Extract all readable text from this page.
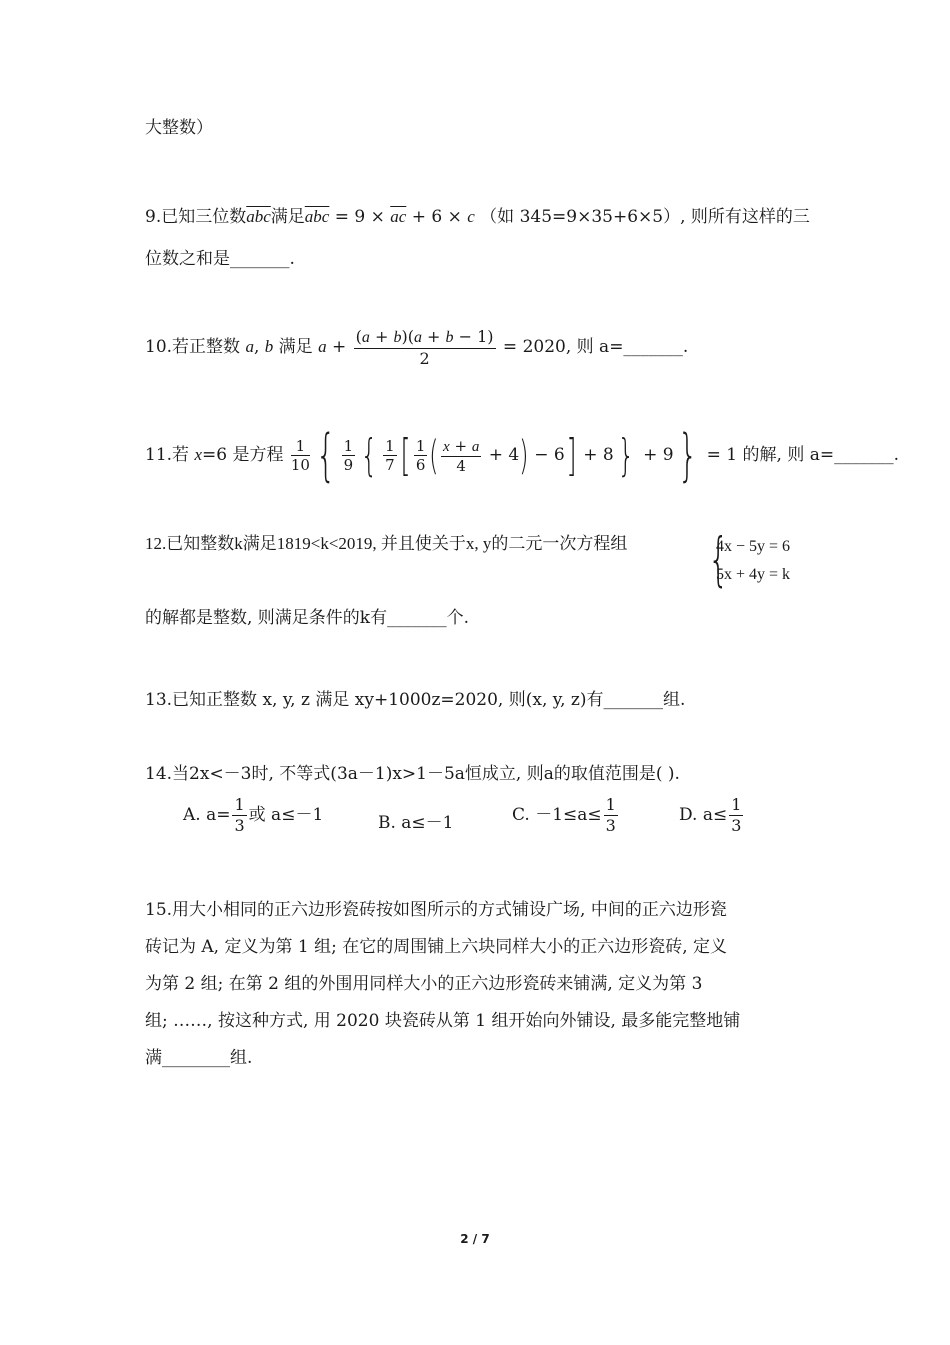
大整数）
9.已知三位数$\overline{abc}$满足$\overline{abc} = 9 \times \overline{ac} + 6 \times c$ （如 345=9×35+6×5）, 则所有这样的三
位数之和是_______.
10.若正整数 a, b 满足 $a + \frac{(a + b)(a + b - 1)}{2} = 2020$, 则 a=_______.
11.若 x=6 是方程 $\frac{1}{10}$ { $\frac{1}{9}$ { $\frac{1}{7}$ [ $\frac{1}{6}$ ( $\frac{x + a}{4} + 4) - 6] + 8\} + 9\} = 1$ 的解, 则 a=_______.
12.已知整数k满足1819<k<2019, 并且使关于x, y的二元一次方程组 {
4x − 5y = 6
5x + 4y = k
的解都是整数, 则满足条件的k有_______个.
13.已知正整数 x, y, z 满足 xy+1000z=2020, 则(x, y, z)有_______组.
14.当2x<－3时, 不等式(3a－1)x>1－5a恒成立, 则a的取值范围是( ).
A. $a= \frac{1}{3}$ 或 a≤－1	B. a≤－1	C. $-1\le a\le \frac{1}{3}$	D. $a\le \frac{1}{3}$
15.用大小相同的正六边形瓷砖按如图所示的方式铺设广场, 中间的正六边形瓷
砖记为 A, 定义为第 1 组; 在它的周围铺上六块同样大小的正六边形瓷砖, 定义
为第 2 组; 在第 2 组的外围用同样大小的正六边形瓷砖来铺满, 定义为第 3
组; ……, 按这种方式, 用 2020 块瓷砖从第 1 组开始向外铺设, 最多能完整地铺
满________组.
2 / 7
